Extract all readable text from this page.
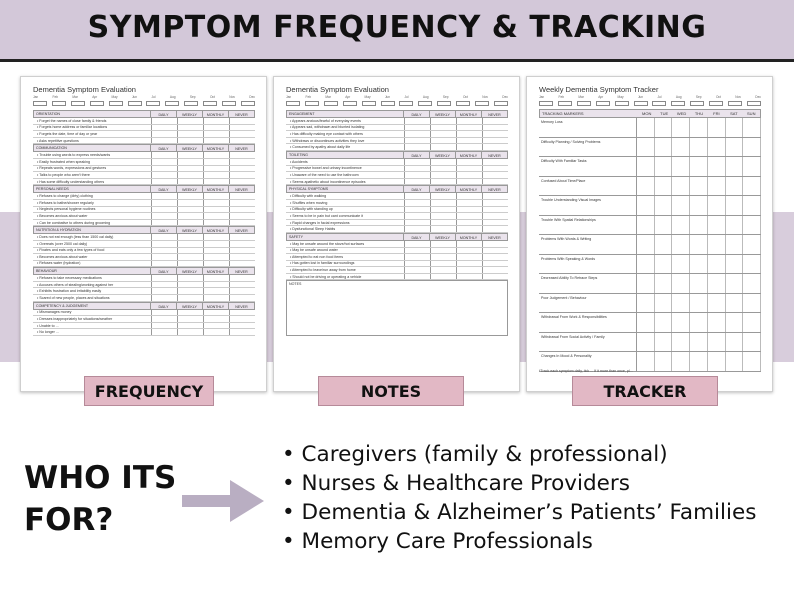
SYMPTOM FREQUENCY & TRACKING
Dementia Symptom Evaluation
Jan	Feb	Mar	Apr	May	Jun	Jul	Aug	Sep	Oct	Nov	Dec
ORIENTATION	DAILY	WEEKLY	MONTHLY	NEVER
• Forget the names of close family & friends
• Forgets home address or familiar locations
• Forgets the date, time of day or year
• Asks repetitive questions
COMMUNICATION	DAILY	WEEKLY	MONTHLY	NEVER
• Trouble using words to express needs/wants
• Easily frustrated when speaking
• Repeats words, expressions and gestures
• Talks to people who aren't there
• Has some difficulty understanding others
PERSONAL NEEDS	DAILY	WEEKLY	MONTHLY	NEVER
• Refuses to change (dirty) clothing
• Refuses to bathe/shower regularly
• Neglects personal hygiene routines
• Becomes anxious about water
• Can be combative to others during grooming
NUTRITION & HYDRATION	DAILY	WEEKLY	MONTHLY	NEVER
• Does not eat enough (less than 1500 cal daily)
• Overeats (over 2500 cal daily)
• Fixates and eats only a few types of food
• Becomes anxious about water
• Refuses water (hydration)
BEHAVIOUR	DAILY	WEEKLY	MONTHLY	NEVER
• Refuses to take necessary medications
• Accuses others of stealing/working against her
• Exhibits frustration and irritability easily
• Scared of new people, places and situations
COMPETENCY & JUDGEMENT	DAILY	WEEKLY	MONTHLY	NEVER
• Mismanages money
• Dresses inappropriately for situations/weather
• Unable to ...
• No longer ...
Dementia Symptom Evaluation
Jan	Feb	Mar	Apr	May	Jun	Jul	Aug	Sep	Oct	Nov	Dec
ENGAGEMENT	DAILY	WEEKLY	MONTHLY	NEVER
• Appears anxious/fearful of everyday events
• Appears sad, withdrawn and blunted isolating
• Has difficulty making eye contact with others
• Withdraws or discontinues activities they love
• Consumed by apathy about daily life
TOILETING	DAILY	WEEKLY	MONTHLY	NEVER
• Accidents
• Progressive bowel and urinary incontinence
• Unaware of the need to use the bathroom
• Seems apathetic about incontinence episodes
PHYSICAL SYMPTOMS	DAILY	WEEKLY	MONTHLY	NEVER
• Difficulty with walking
• Shuffles when moving
• Difficulty with standing up
• Seems to be in pain but cant communicate it
• Rapid changes in facial expressions
• Dysfunctional Sleep Habits
SAFETY	DAILY	WEEKLY	MONTHLY	NEVER
• May be unsafe around the stove/hot surfaces
• May be unsafe around water
• Attempted to eat non food items
• Has gotten lost in familiar surroundings
• Attempted to leave/run away from home
• Should not be driving or operating a vehicle
NOTES
Weekly Dementia Symptom Tracker
Jan	Feb	Mar	Apr	May	Jun	Jul	Aug	Sep	Oct	Nov	Dec
TRACKING MARKERS	MON	TUE	WED	THU	FRI	SAT	SUN
Memory Loss
Difficulty Planning / Solving Problems
Difficulty With Familiar Tasks
Confused About Time/Place
Trouble Understanding Visual Images
Trouble With Spatial Relationships
Problems With Words & Writing
Problems With Speaking & Words
Decreased Ability To Retrace Steps
Poor Judgement / Behaviour
Withdrawal From Work & Responsibilities
Withdrawal From Social Activity / Family
Changes In Mood & Personality
*Track each symptom daily, tick ... If it more than once, pl...
FREQUENCY	NOTES	TRACKER
WHO ITS
FOR?
• Caregivers (family & professional)
• Nurses & Healthcare Providers
• Dementia & Alzheimer’s Patients’ Families
• Memory Care Professionals
